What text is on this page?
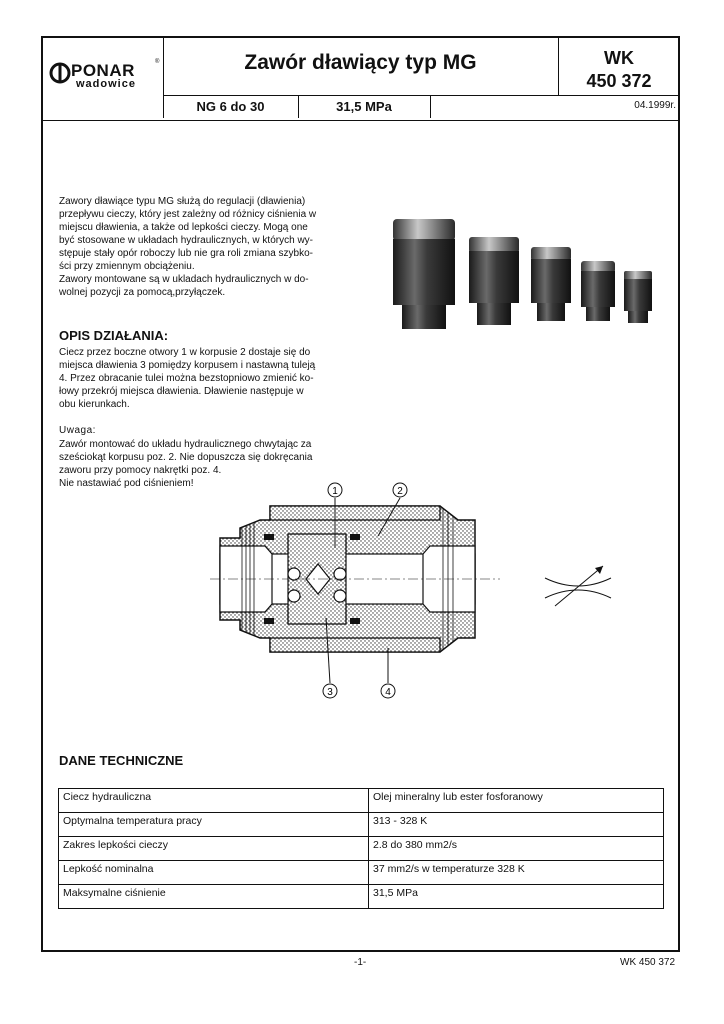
PONAR	®
wadowice
Zawór dławiący typ MG	WK
450 372
NG 6 do 30	31,5 MPa	04.1999r.
Zawory dławiące typu MG służą do regulacji (dławienia)
przepływu cieczy, który jest zależny od różnicy ciśnienia w
miejscu dławienia, a także od lepkości cieczy. Mogą one
być stosowane w układach hydraulicznych, w których wy-
stępuje stały opór roboczy lub nie gra roli zmiana szybko-
ści przy zmiennym obciążeniu.
Zawory montowane są w ukladach hydraulicznych w do-
wolnej pozycji za pomocą,przyłączek.
OPIS DZIAŁANIA:
Ciecz przez boczne otwory 1 w korpusie 2 dostaje się do
miejsca dławienia 3 pomiędzy korpusem i nastawną tuleją
4. Przez obracanie tulei można bezstopniowo zmienić ko-
łowy przekrój miejsca dławienia. Dławienie następuje w
obu kierunkach.
Uwaga:
Zawór montować do układu hydraulicznego chwytając za
sześciokąt korpusu poz. 2. Nie dopuszcza się dokręcania
zaworu przy pomocy nakrętki poz. 4.
Nie nastawiać pod ciśnieniem!
1	2
3	4
DANE TECHNICZNE
Ciecz hydrauliczna	Olej mineralny lub ester fosforanowy
Optymalna temperatura pracy	313 - 328 K
Zakres lepkości cieczy	2.8 do 380 mm2/s
Lepkość nominalna	37 mm2/s w temperaturze 328 K
Maksymalne ciśnienie	31,5 MPa
-1-	WK 450 372
